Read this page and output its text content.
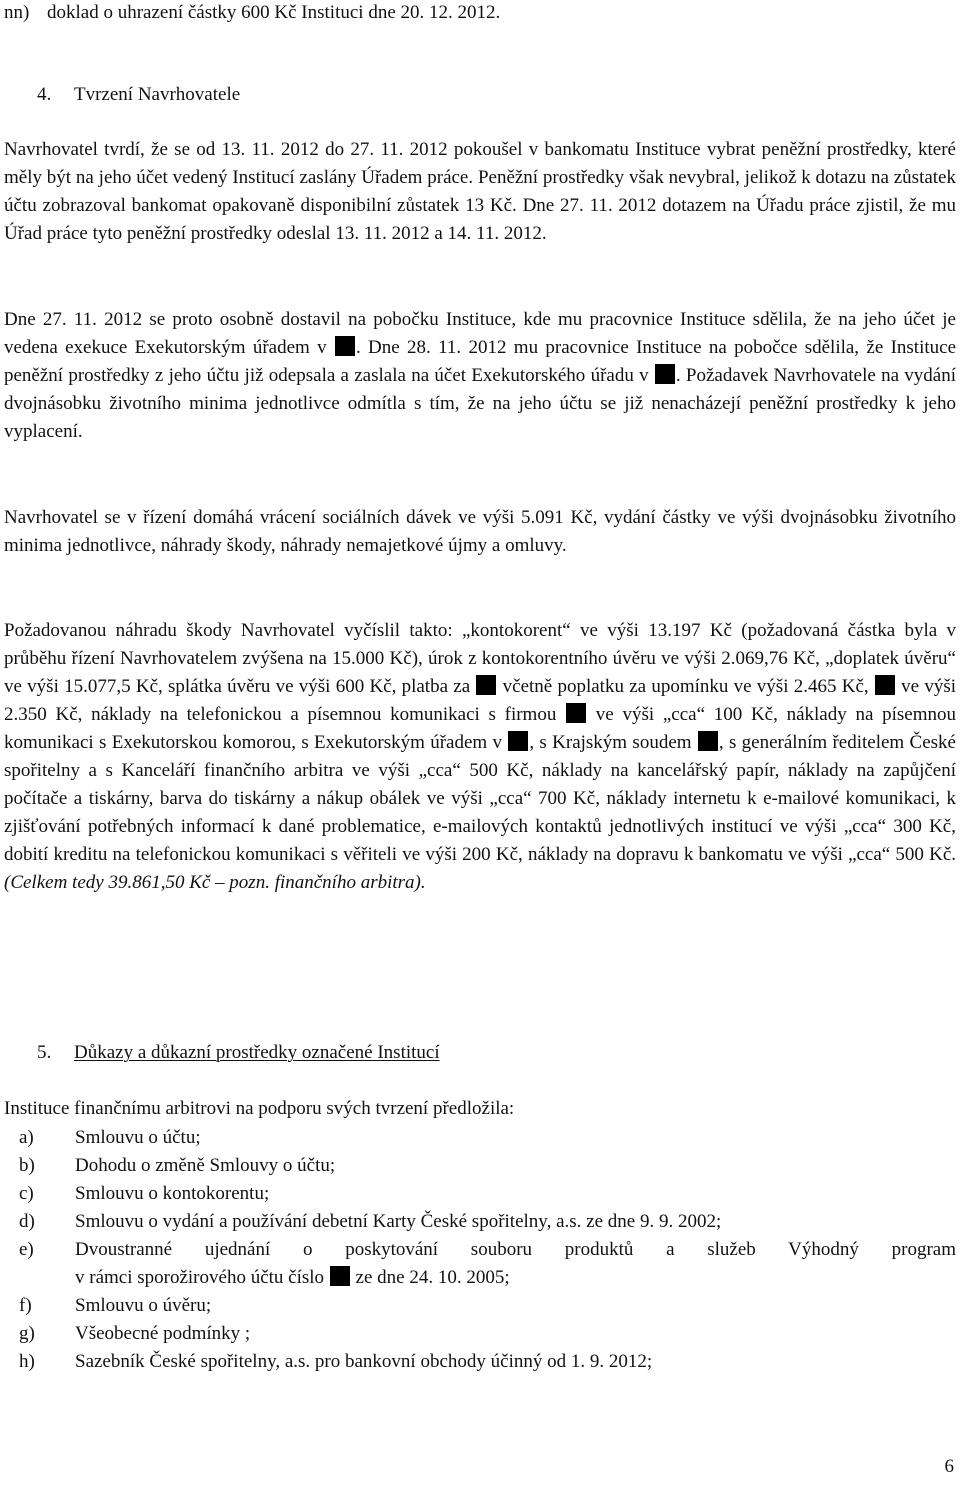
nn) doklad o uhrazení částky 600 Kč Instituci dne 20. 12. 2012.
4. Tvrzení Navrhovatele

Navrhovatel tvrdí, že se od 13. 11. 2012 do 27. 11. 2012 pokoušel v bankomatu Instituce vybrat peněžní prostředky, které měly být na jeho účet vedený Institucí zaslány Úřadem práce. Peněžní prostředky však nevybral, jelikož k dotazu na zůstatek účtu zobrazoval bankomat opakovaně disponibilní zůstatek 13 Kč. Dne 27. 11. 2012 dotazem na Úřadu práce zjistil, že mu Úřad práce tyto peněžní prostředky odeslal 13. 11. 2012 a 14. 11. 2012.

Dne 27. 11. 2012 se proto osobně dostavil na pobočku Instituce, kde mu pracovnice Instituce sdělila, že na jeho účet je vedena exekuce Exekutorským úřadem v . Dne 28. 11. 2012 mu pracovnice Instituce na pobočce sdělila, že Instituce peněžní prostředky z jeho účtu již odepsala a zaslala na účet Exekutorského úřadu v . Požadavek Navrhovatele na vydání dvojnásobku životního minima jednotlivce odmítla s tím, že na jeho účtu se již nenacházejí peněžní prostředky k jeho vyplacení.

Navrhovatel se v řízení domáhá vrácení sociálních dávek ve výši 5.091 Kč, vydání částky ve výši dvojnásobku životního minima jednotlivce, náhrady škody, náhrady nemajetkové újmy a omluvy.

Požadovanou náhradu škody Navrhovatel vyčíslil takto: „kontokorent“ ve výši 13.197 Kč (požadovaná částka byla v průběhu řízení Navrhovatelem zvýšena na 15.000 Kč), úrok z kontokorentního úvěru ve výši 2.069,76 Kč, „doplatek úvěru“ ve výši 15.077,5 Kč, splátka úvěru ve výši 600 Kč, platba za  včetně poplatku za upomínku ve výši 2.465 Kč,  ve výši 2.350 Kč, náklady na telefonickou a písemnou komunikaci s firmou  ve výši „cca“ 100 Kč, náklady na písemnou komunikaci s Exekutorskou komorou, s Exekutorským úřadem v , s Krajským soudem , s generálním ředitelem České spořitelny a s Kanceláří finančního arbitra ve výši „cca“ 500 Kč, náklady na kancelářský papír, náklady na zapůjčení počítače a tiskárny, barva do tiskárny a nákup obálek ve výši „cca“ 700 Kč, náklady internetu k e-mailové komunikaci, k zjišťování potřebných informací k dané problematice, e-mailových kontaktů jednotlivých institucí ve výši „cca“ 300 Kč, dobití kreditu na telefonickou komunikaci s věřiteli ve výši 200 Kč, náklady na dopravu k bankomatu ve výši „cca“ 500 Kč. (Celkem tedy 39.861,50 Kč – pozn. finančního arbitra).

5. Důkazy a důkazní prostředky označené Institucí
Instituce finančnímu arbitrovi na podporu svých tvrzení předložila:
a) Smlouvu o účtu;
b) Dohodu o změně Smlouvy o účtu;
c) Smlouvu o kontokorentu;
d) Smlouvu o vydání a používání debetní Karty České spořitelny, a.s. ze dne 9. 9. 2002;
e) Dvoustranné ujednání o poskytování souboru produktů a služeb Výhodný program
v rámci sporožirového účtu číslo  ze dne 24. 10. 2005;
f) Smlouvu o úvěru;
g) Všeobecné podmínky ;
h) Sazebník České spořitelny, a.s. pro bankovní obchody účinný od 1. 9. 2012;
6
